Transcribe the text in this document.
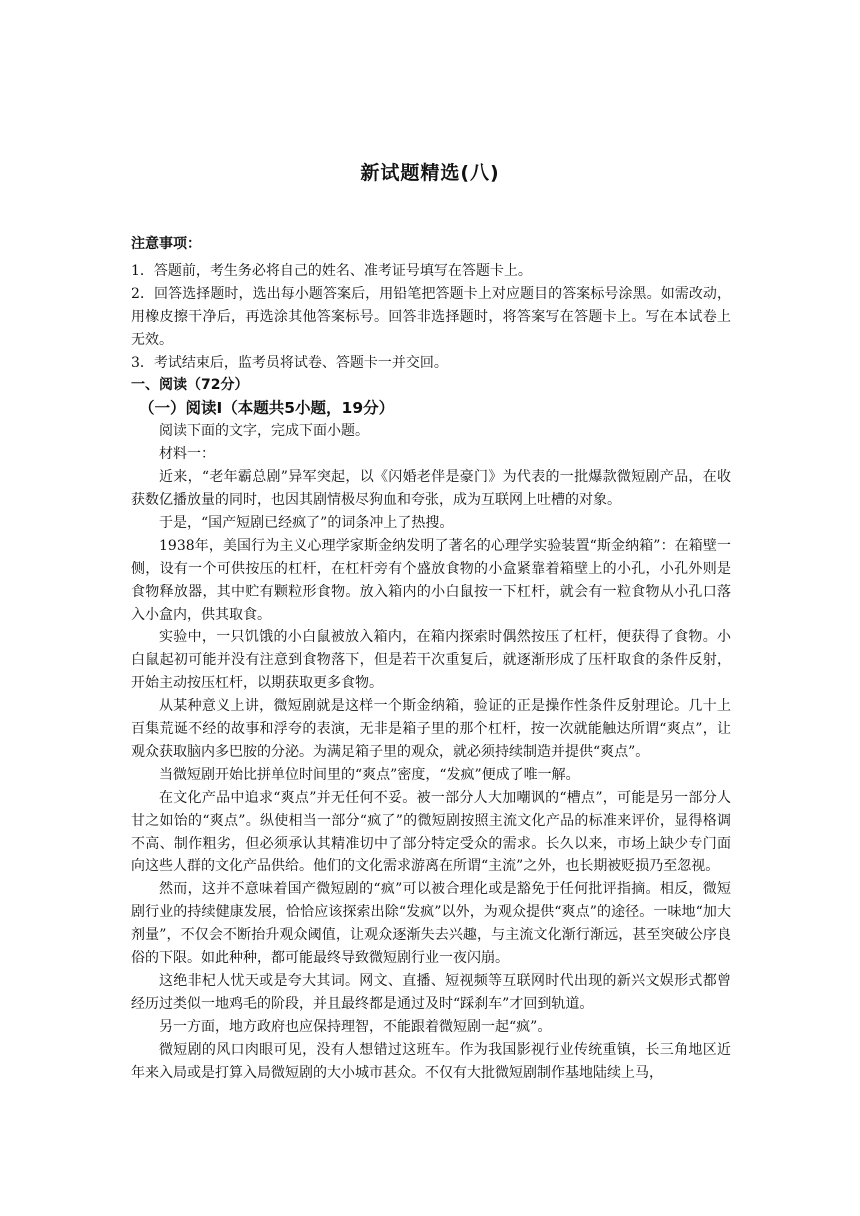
新试题精选(八)

注意事项：

1．答题前，考生务必将自己的姓名、准考证号填写在答题卡上。

2．回答选择题时，选出每小题答案后，用铅笔把答题卡上对应题目的答案标号涂黑。如需改动，用橡皮擦干净后，再选涂其他答案标号。回答非选择题时，将答案写在答题卡上。写在本试卷上无效。

3．考试结束后，监考员将试卷、答题卡一并交回。

一、阅读（72分）

（一）阅读Ⅰ（本题共5小题，19分）

阅读下面的文字，完成下面小题。

材料一：

近来，“老年霸总剧”异军突起，以《闪婚老伴是豪门》为代表的一批爆款微短剧产品，在收获数亿播放量的同时，也因其剧情极尽狗血和夸张，成为互联网上吐槽的对象。

于是，“国产短剧已经疯了”的词条冲上了热搜。

1938年，美国行为主义心理学家斯金纳发明了著名的心理学实验装置“斯金纳箱”：在箱壁一侧，设有一个可供按压的杠杆，在杠杆旁有个盛放食物的小盒紧靠着箱壁上的小孔，小孔外则是食物释放器，其中贮有颗粒形食物。放入箱内的小白鼠按一下杠杆，就会有一粒食物从小孔口落入小盒内，供其取食。

实验中，一只饥饿的小白鼠被放入箱内，在箱内探索时偶然按压了杠杆，便获得了食物。小白鼠起初可能并没有注意到食物落下，但是若干次重复后，就逐渐形成了压杆取食的条件反射，开始主动按压杠杆，以期获取更多食物。

从某种意义上讲，微短剧就是这样一个斯金纳箱，验证的正是操作性条件反射理论。几十上百集荒诞不经的故事和浮夸的表演，无非是箱子里的那个杠杆，按一次就能触达所谓“爽点”，让观众获取脑内多巴胺的分泌。为满足箱子里的观众，就必须持续制造并提供“爽点”。

当微短剧开始比拼单位时间里的“爽点”密度，“发疯”便成了唯一解。

在文化产品中追求“爽点”并无任何不妥。被一部分人大加嘲讽的“槽点”，可能是另一部分人甘之如饴的“爽点”。纵使相当一部分“疯了”的微短剧按照主流文化产品的标准来评价，显得格调不高、制作粗劣，但必须承认其精准切中了部分特定受众的需求。长久以来，市场上缺少专门面向这些人群的文化产品供给。他们的文化需求游离在所谓“主流”之外，也长期被贬损乃至忽视。

然而，这并不意味着国产微短剧的“疯”可以被合理化或是豁免于任何批评指摘。相反，微短剧行业的持续健康发展，恰恰应该探索出除“发疯”以外，为观众提供“爽点”的途径。一味地“加大剂量”，不仅会不断抬升观众阈值，让观众逐渐失去兴趣，与主流文化渐行渐远，甚至突破公序良俗的下限。如此种种，都可能最终导致微短剧行业一夜闪崩。

这绝非杞人忧天或是夸大其词。网文、直播、短视频等互联网时代出现的新兴文娱形式都曾经历过类似一地鸡毛的阶段，并且最终都是通过及时“踩刹车”才回到轨道。

另一方面，地方政府也应保持理智，不能跟着微短剧一起“疯”。

微短剧的风口肉眼可见，没有人想错过这班车。作为我国影视行业传统重镇，长三角地区近年来入局或是打算入局微短剧的大小城市甚众。不仅有大批微短剧制作基地陆续上马，
